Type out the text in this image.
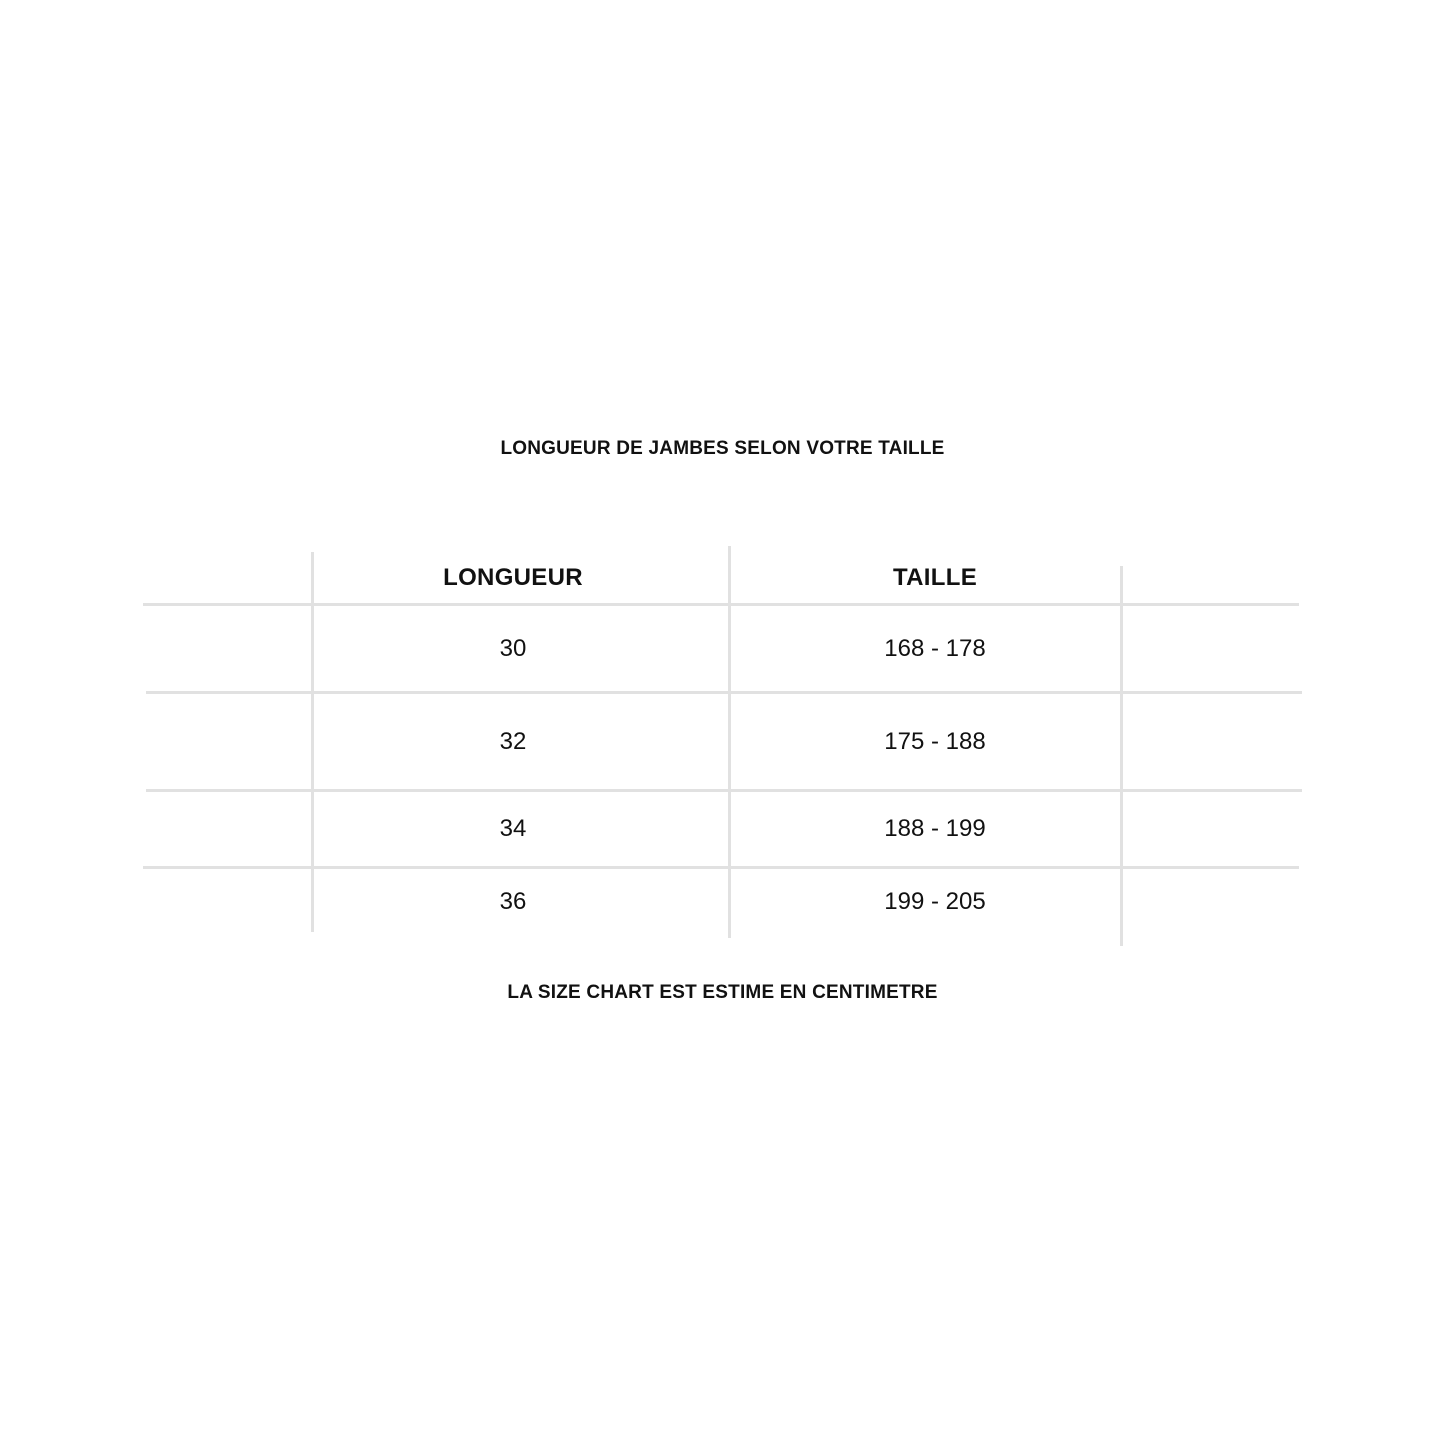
LONGUEUR DE JAMBES SELON VOTRE TAILLE
LONGUEUR	TAILLE
30	168 - 178
32	175 - 188
34	188 - 199
36	199 - 205
LA SIZE CHART EST ESTIME EN CENTIMETRE
